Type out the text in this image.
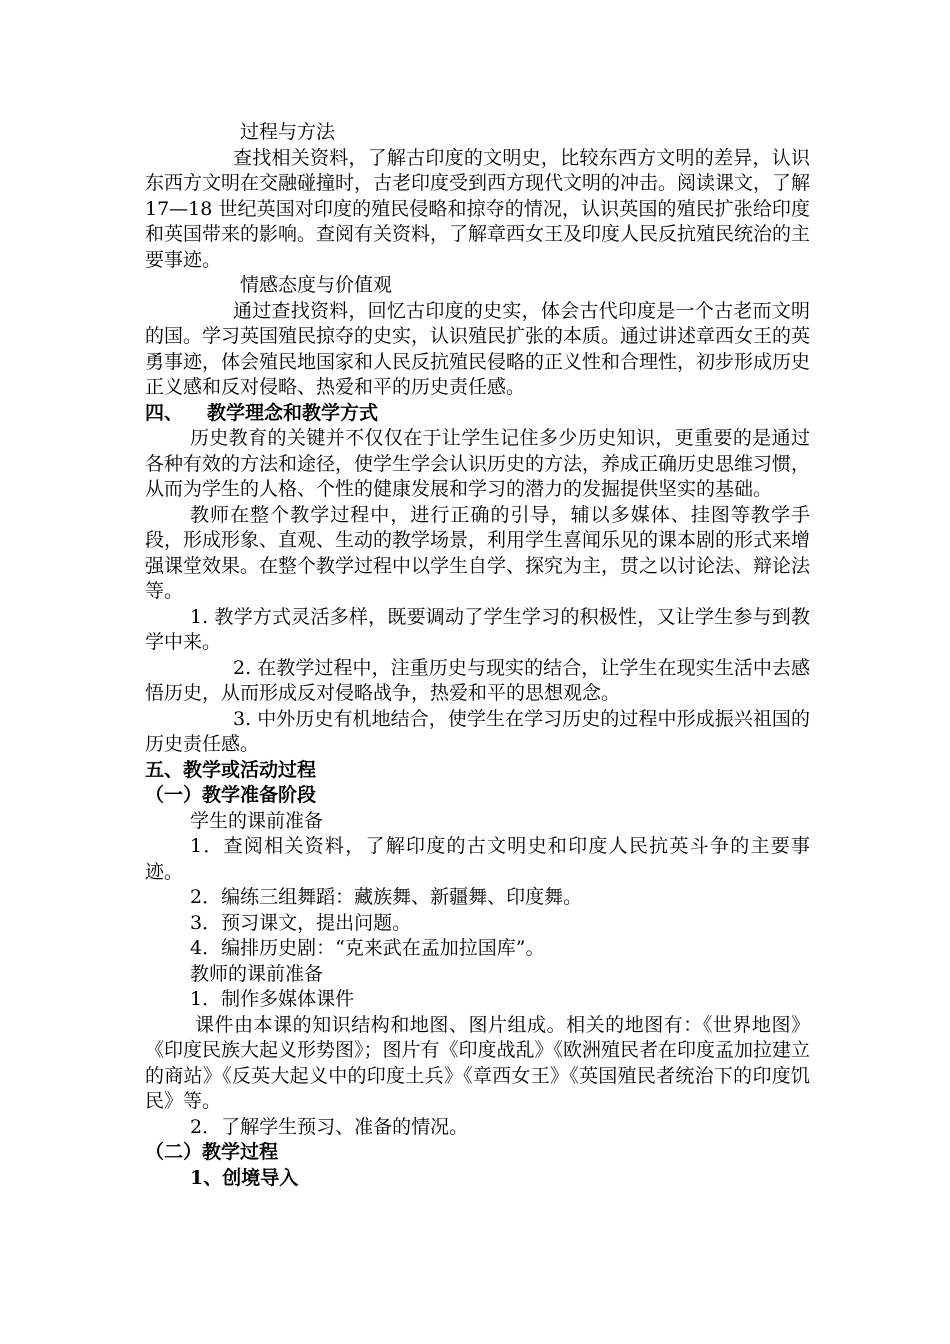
过程与方法

查找相关资料，了解古印度的文明史，比较东西方文明的差异，认识东西方文明在交融碰撞时，古老印度受到西方现代文明的冲击。阅读课文，了解 17—18 世纪英国对印度的殖民侵略和掠夺的情况，认识英国的殖民扩张给印度和英国带来的影响。查阅有关资料，了解章西女王及印度人民反抗殖民统治的主要事迹。

情感态度与价值观

通过查找资料，回忆古印度的史实，体会古代印度是一个古老而文明的国。学习英国殖民掠夺的史实，认识殖民扩张的本质。通过讲述章西女王的英勇事迹，体会殖民地国家和人民反抗殖民侵略的正义性和合理性，初步形成历史正义感和反对侵略、热爱和平的历史责任感。

四、 教学理念和教学方式

历史教育的关键并不仅仅在于让学生记住多少历史知识，更重要的是通过各种有效的方法和途径，使学生学会认识历史的方法，养成正确历史思维习惯，从而为学生的人格、个性的健康发展和学习的潜力的发掘提供坚实的基础。

教师在整个教学过程中，进行正确的引导，辅以多媒体、挂图等教学手段，形成形象、直观、生动的教学场景，利用学生喜闻乐见的课本剧的形式来增强课堂效果。在整个教学过程中以学生自学、探究为主，贯之以讨论法、辩论法等。

1. 教学方式灵活多样，既要调动了学生学习的积极性，又让学生参与到教学中来。

2. 在教学过程中，注重历史与现实的结合，让学生在现实生活中去感悟历史，从而形成反对侵略战争，热爱和平的思想观念。

3. 中外历史有机地结合，使学生在学习历史的过程中形成振兴祖国的历史责任感。

五、教学或活动过程

（一）教学准备阶段

学生的课前准备

1．查阅相关资料，了解印度的古文明史和印度人民抗英斗争的主要事迹。

2．编练三组舞蹈：藏族舞、新疆舞、印度舞。

3．预习课文，提出问题。

4．编排历史剧：“克来武在孟加拉国库”。

教师的课前准备

1．制作多媒体课件

课件由本课的知识结构和地图、图片组成。相关的地图有：《世界地图》《印度民族大起义形势图》；图片有《印度战乱》《欧洲殖民者在印度孟加拉建立的商站》《反英大起义中的印度土兵》《章西女王》《英国殖民者统治下的印度饥民》等。

2．了解学生预习、准备的情况。

（二）教学过程

1、创境导入
